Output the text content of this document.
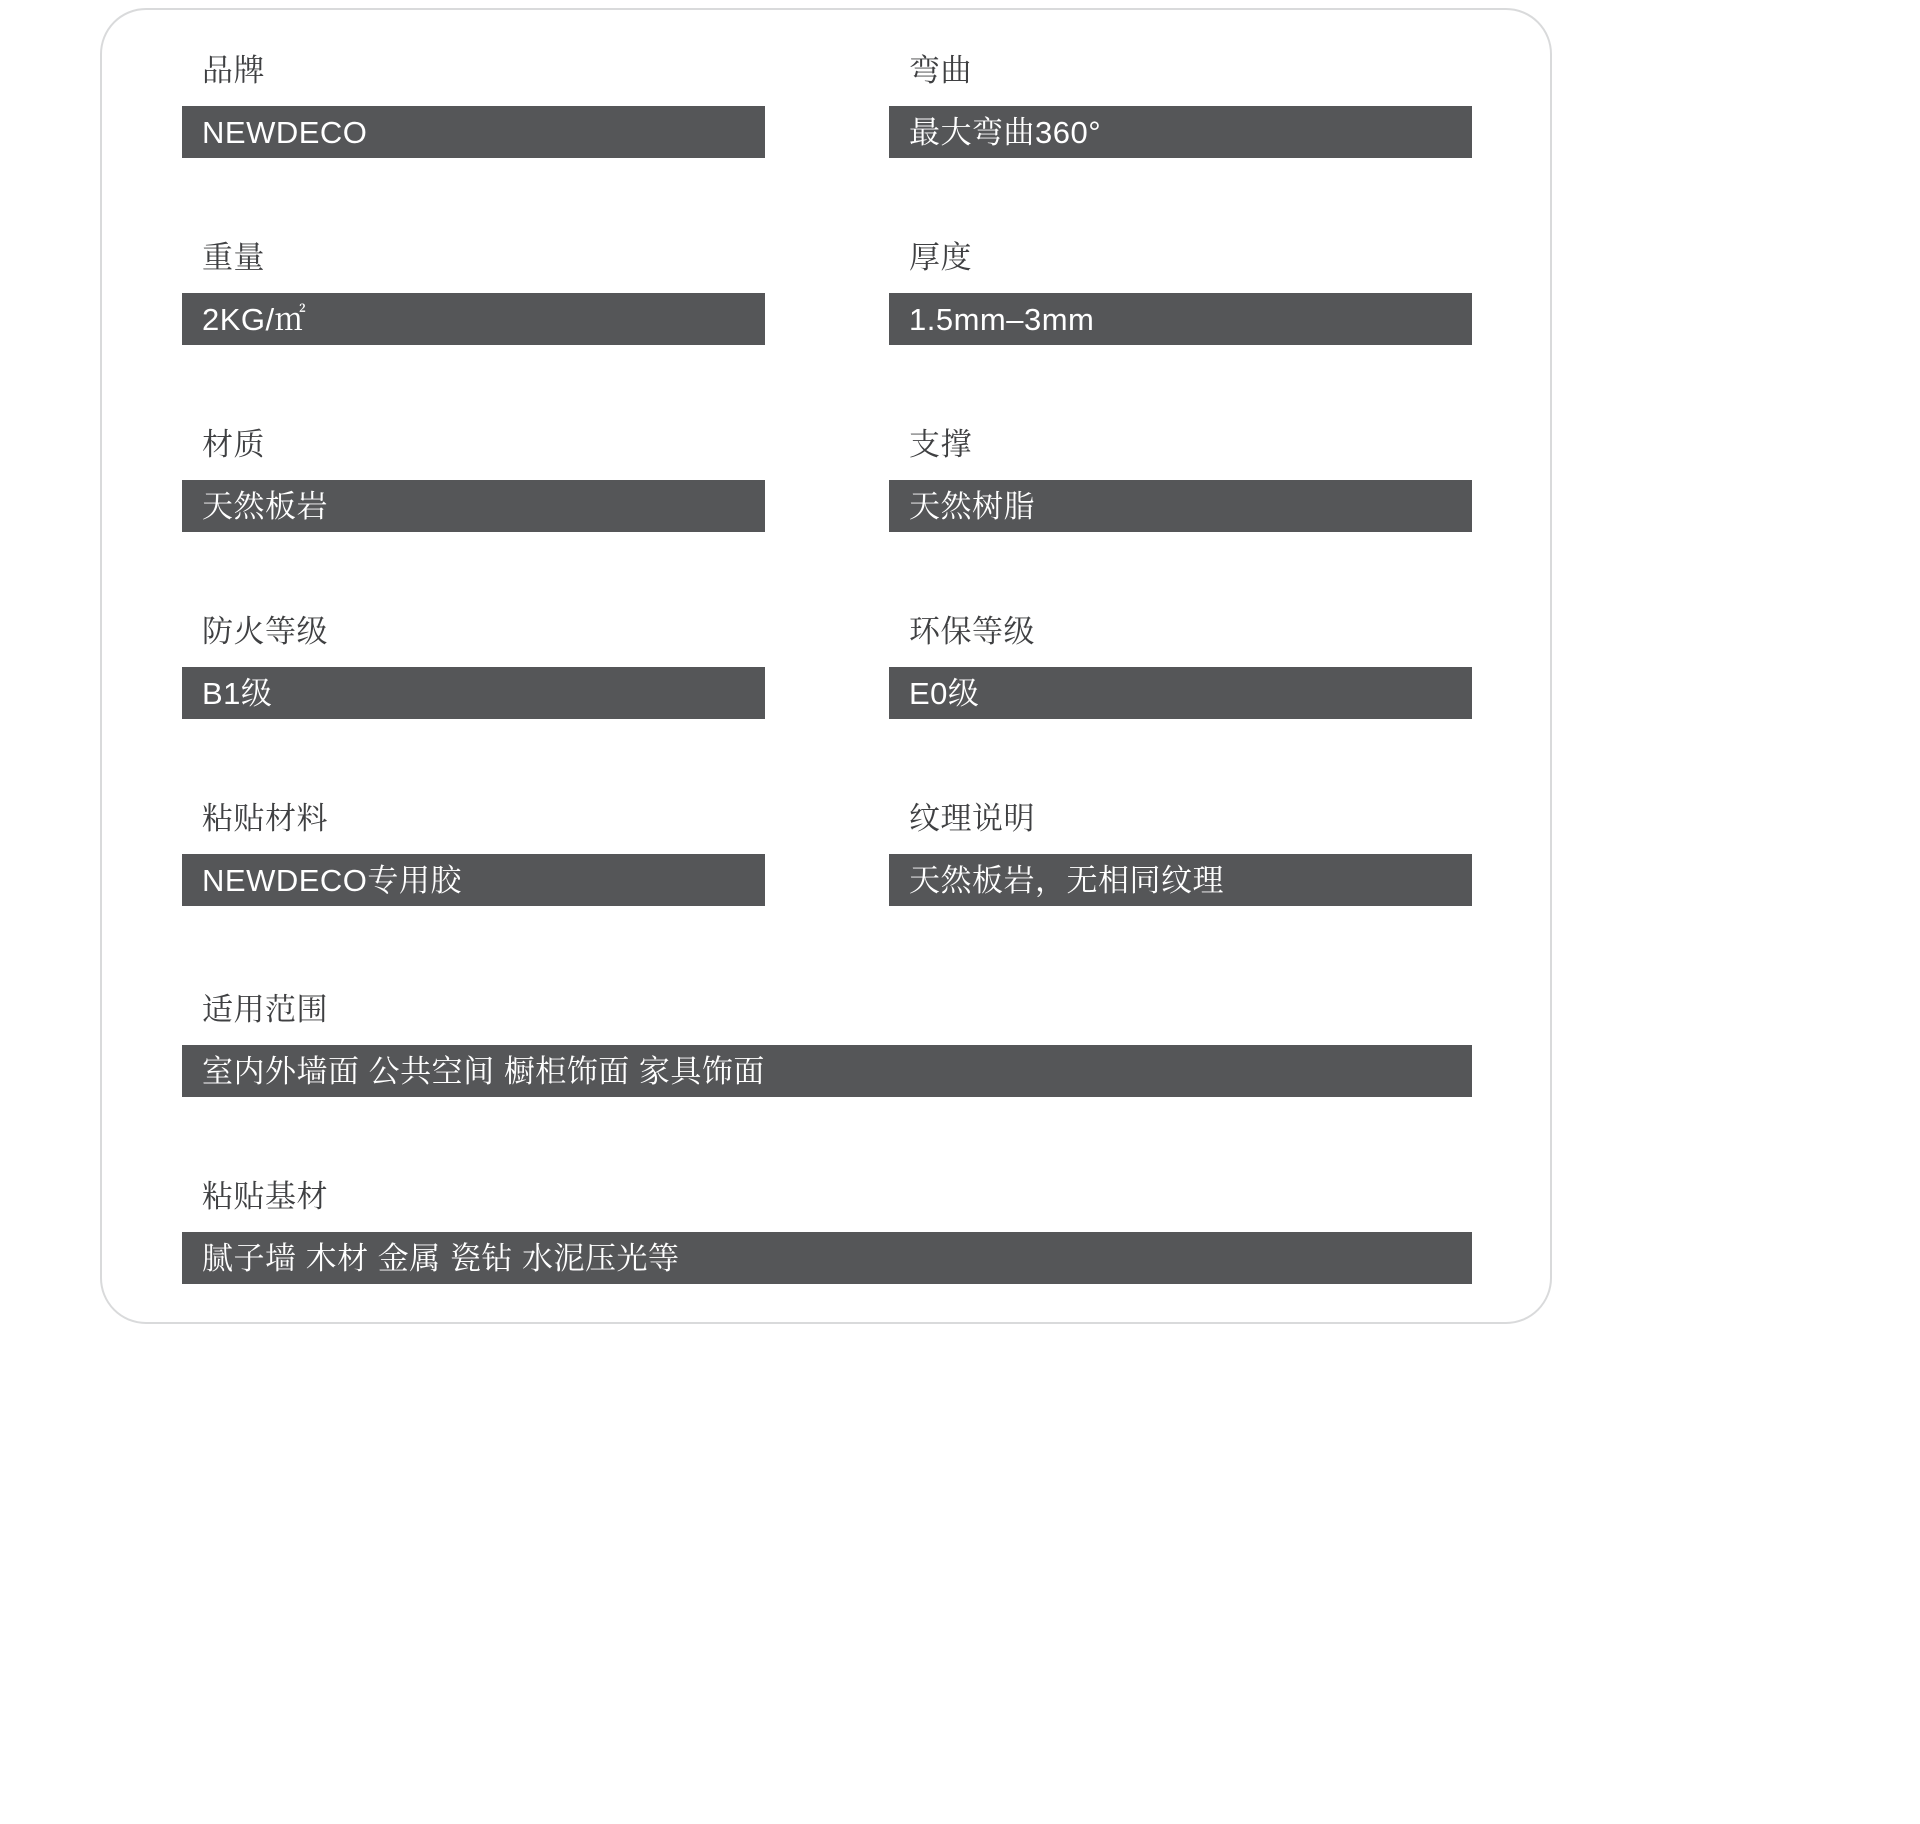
品牌
NEWDECO
弯曲
最大弯曲360°
重量
2KG/㎡
厚度
1.5mm–3mm
材质
天然板岩
支撑
天然树脂
防火等级
B1级
环保等级
E0级
粘贴材料
NEWDECO专用胶
纹理说明
天然板岩，无相同纹理
适用范围
室内外墙面 公共空间 橱柜饰面 家具饰面
粘贴基材
腻子墙 木材 金属 瓷钻 水泥压光等
